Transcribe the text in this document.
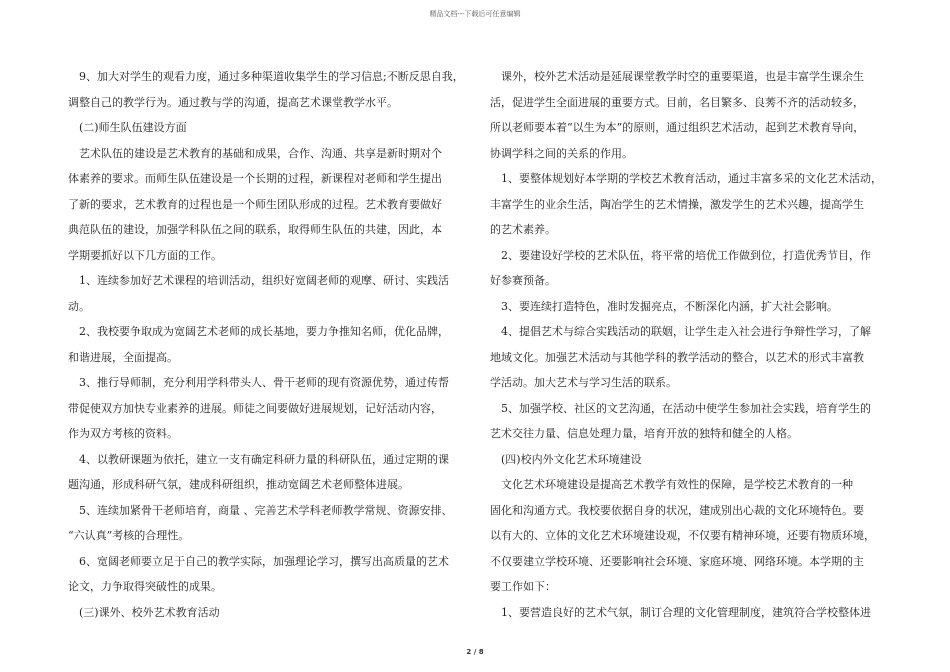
精品文档---下载后可任意编辑

　9、加大对学生的观看力度，通过多种渠道收集学生的学习信息;不断反思自我，

调整自己的教学行为。通过教与学的沟通，提高艺术课堂教学水平。

　(二)师生队伍建设方面

　艺术队伍的建设是艺术教育的基础和成果，合作、沟通、共享是新时期对个

体素养的要求。而师生队伍建设是一个长期的过程，新课程对老师和学生提出

了新的要求，艺术教育的过程也是一个师生团队形成的过程。艺术教育要做好

典范队伍的建设，加强学科队伍之间的联系，取得师生队伍的共建，因此，本

学期要抓好以下几方面的工作。

　1、连续参加好艺术课程的培训活动，组织好宽阔老师的观摩、研讨、实践活

动。

　2、我校要争取成为宽阔艺术老师的成长基地，要力争推知名师，优化品牌，

和谐进展，全面提高。

　3、推行导师制，充分利用学科带头人、骨干老师的现有资源优势，通过传帮

带促使双方加快专业素养的进展。师徒之间要做好进展规划，记好活动内容，

作为双方考核的资料。

　4、以教研课题为依托，建立一支有确定科研力量的科研队伍，通过定期的课

题沟通，形成科研气氛，建成科研组织，推动宽阔艺术老师整体进展。

　5、连续加紧骨干老师培育，商量 、完善艺术学科老师教学常规、资源安排、

“六认真”考核的合理性。

　6、宽阔老师要立足于自己的教学实际，加强理论学习，撰写出高质量的艺术

论文，力争取得突破性的成果。

　(三)课外、校外艺术教育活动

　课外，校外艺术活动是延展课堂教学时空的重要渠道，也是丰富学生课余生

活，促进学生全面进展的重要方式。目前，名目繁多、良莠不齐的活动较多，

所以老师要本着“以生为本”的原则，通过组织艺术活动，起到艺术教育导向，

协调学科之间的关系的作用。

　1、要整体规划好本学期的学校艺术教育活动，通过丰富多采的文化艺术活动，

丰富学生的业余生活，陶冶学生的艺术情操，激发学生的艺术兴趣，提高学生

的艺术素养。

　2、要建设好学校的艺术队伍，将平常的培优工作做到位，打造优秀节目，作

好参赛预备。

　3、要连续打造特色，准时发掘亮点，不断深化内涵，扩大社会影响。

　4、提倡艺术与综合实践活动的联姻，让学生走入社会进行争辩性学习，了解

地域文化。加强艺术活动与其他学科的教学活动的整合，以艺术的形式丰富教

学活动。加大艺术与学习生活的联系。

　5、加强学校、社区的文艺沟通，在活动中使学生参加社会实践，培育学生的

艺术交往力量、信息处理力量，培育开放的独特和健全的人格。

　(四)校内外文化艺术环境建设

　文化艺术环境建设是提高艺术教学有效性的保障，是学校艺术教育的一种

固化和沟通方式。我校要依据自身的状况，建成别出心裁的文化环境特色。要

以有大的、立体的文化艺术环境建设观，不仅要有精神环境，还要有物质环境，

不仅要建立学校环境、还要影响社会环境、家庭环境、网络环境。本学期的主

要工作如下：

　1、要营造良好的艺术气氛，制订合理的文化管理制度，建筑符合学校整体进

2 / 8
